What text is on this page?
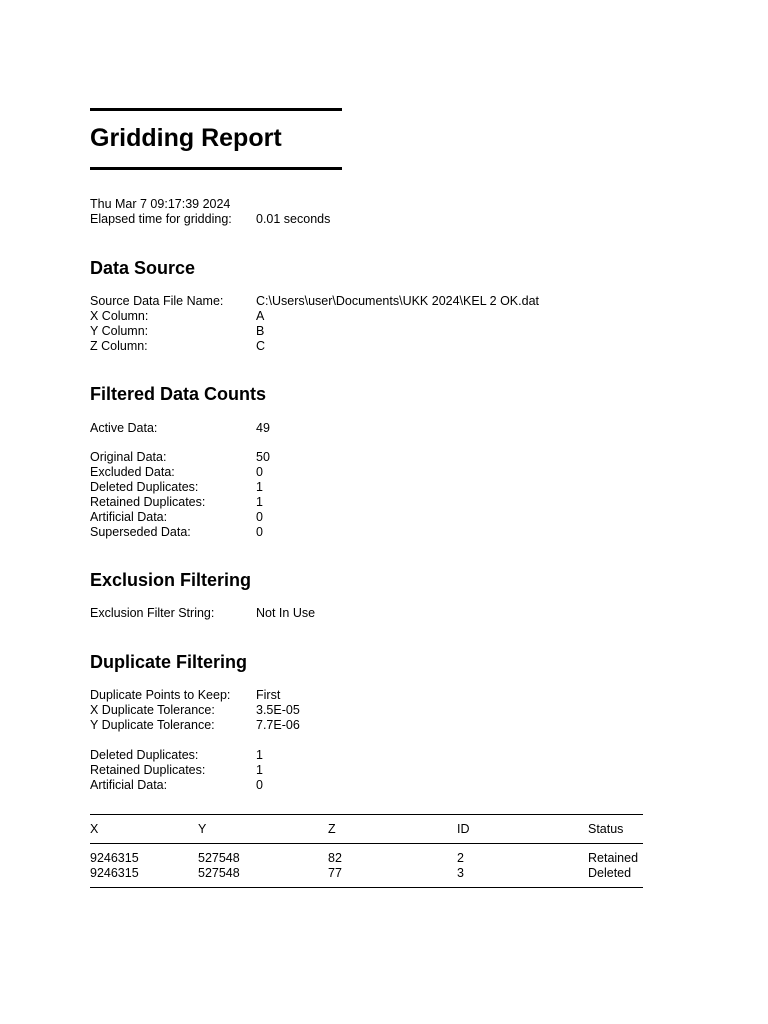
Gridding Report
Thu Mar 7 09:17:39 2024
Elapsed time for gridding: 0.01 seconds
Data Source
Source Data File Name:	C:\Users\user\Documents\UKK 2024\KEL 2 OK.dat
X Column:	A
Y Column:	B
Z Column:	C
Filtered Data Counts
Active Data:	49
Original Data:	50
Excluded Data:	0
Deleted Duplicates:	1
Retained Duplicates:	1
Artificial Data:	0
Superseded Data:	0
Exclusion Filtering
Exclusion Filter String:	Not In Use
Duplicate Filtering
Duplicate Points to Keep: First
X Duplicate Tolerance:	3.5E-05
Y Duplicate Tolerance:	7.7E-06
Deleted Duplicates:	1
Retained Duplicates:	1
Artificial Data:	0
X	Y	Z	ID	Status
9246315	527548	82	2	Retained
9246315	527548	77	3	Deleted
